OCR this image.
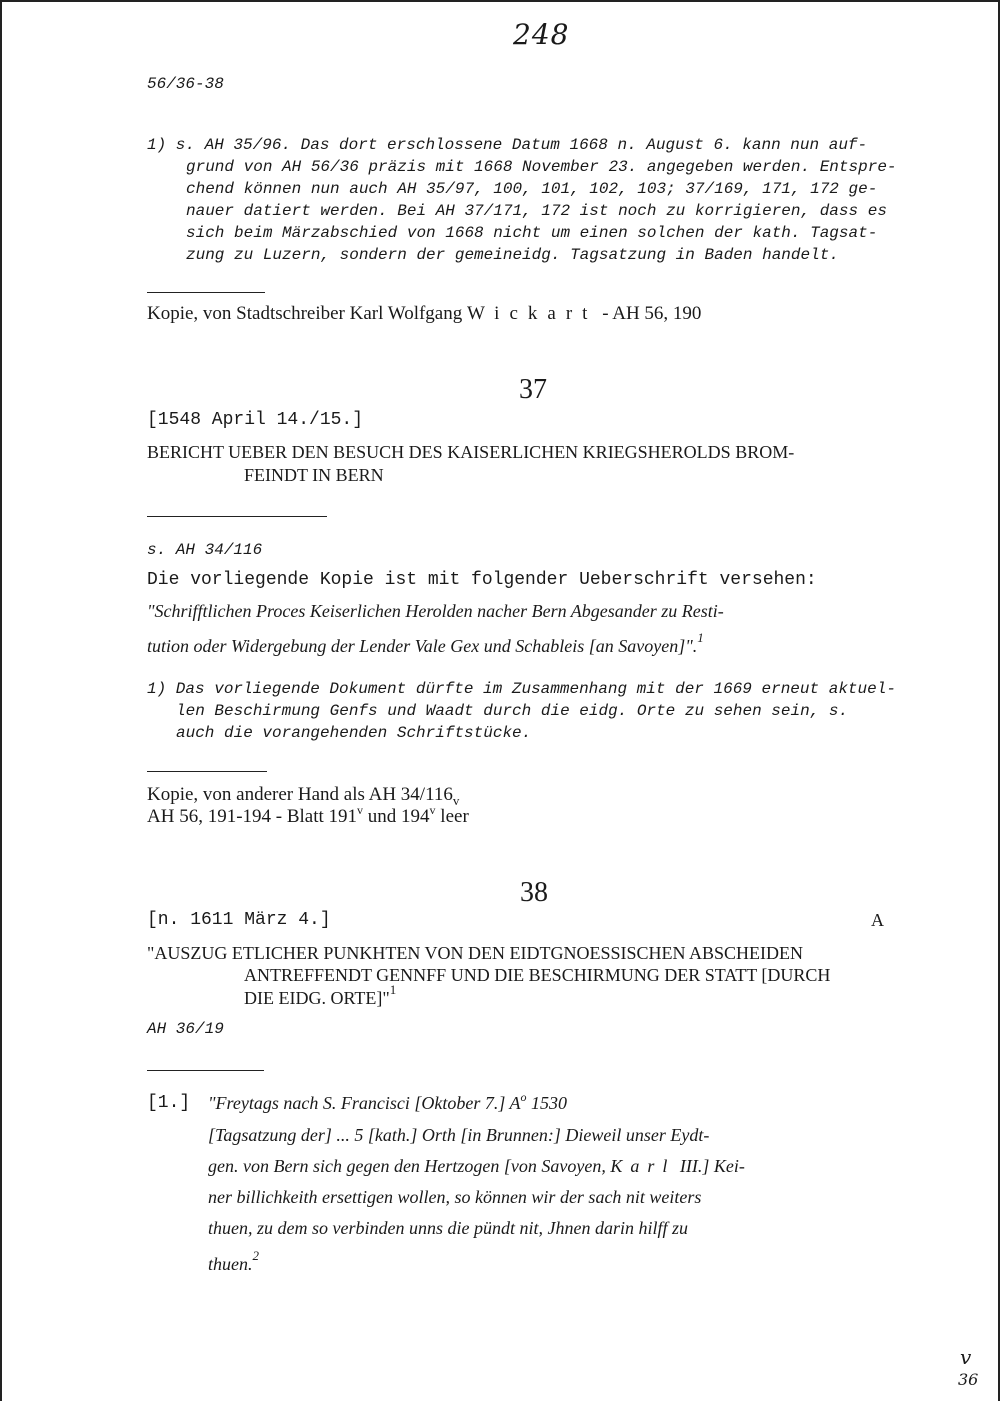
248
56/36-38
1) s. AH 35/96. Das dort erschlossene Datum 1668 n. August 6. kann nun auf-
grund von AH 56/36 präzis mit 1668 November 23. angegeben werden. Entspre-
chend können nun auch AH 35/97, 100, 101, 102, 103; 37/169, 171, 172 ge-
nauer datiert werden. Bei AH 37/171, 172 ist noch zu korrigieren, dass es
sich beim Märzabschied von 1668 nicht um einen solchen der kath. Tagsat-
zung zu Luzern, sondern der gemeineidg. Tagsatzung in Baden handelt.
Kopie, von Stadtschreiber Karl Wolfgang Wickart - AH 56, 190
37
[1548 April 14./15.]
BERICHT UEBER DEN BESUCH DES KAISERLICHEN KRIEGSHEROLDS BROM-
FEINDT IN BERN
s. AH 34/116
Die vorliegende Kopie ist mit folgender Ueberschrift versehen:
"Schrifftlichen Proces Keiserlichen Herolden nacher Bern Abgesander zu Resti-
tution oder Widergebung der Lender Vale Gex und Schableis [an Savoyen]".$^1$
1) Das vorliegende Dokument dürfte im Zusammenhang mit der 1669 erneut aktuel-
len Beschirmung Genfs und Waadt durch die eidg. Orte zu sehen sein, s.
auch die vorangehenden Schriftstücke.
Kopie, von anderer Hand als AH $34/116_v$
AH 56, 191-194 - Blatt 191$^v$ und 194$^v$ leer
38
[n. 1611 März 4.]	A
"AUSZUG ETLICHER PUNKHTEN VON DEN EIDTGNOESSISCHEN ABSCHEIDEN
ANTREFFENDT GENNFF UND DIE BESCHIRMUNG DER STATT [DURCH
DIE EIDG. ORTE]"$^1$
AH 36/19
[1.] "Freytags nach S. Francisci [Oktober 7.] $A^o$ 1530
[Tagsatzung der] ... 5 [kath.] Orth [in Brunnen:] Dieweil unser Eydt-
gen. von Bern sich gegen den Hertzogen [von Savoyen, Karl III.] Kei-
ner billichkeith ersettigen wollen, so können wir der sach nit weiters
thuen, zu dem so verbinden unns die pündt nit, Jhnen darin hilff zu
thuen.$^2$
v
36
